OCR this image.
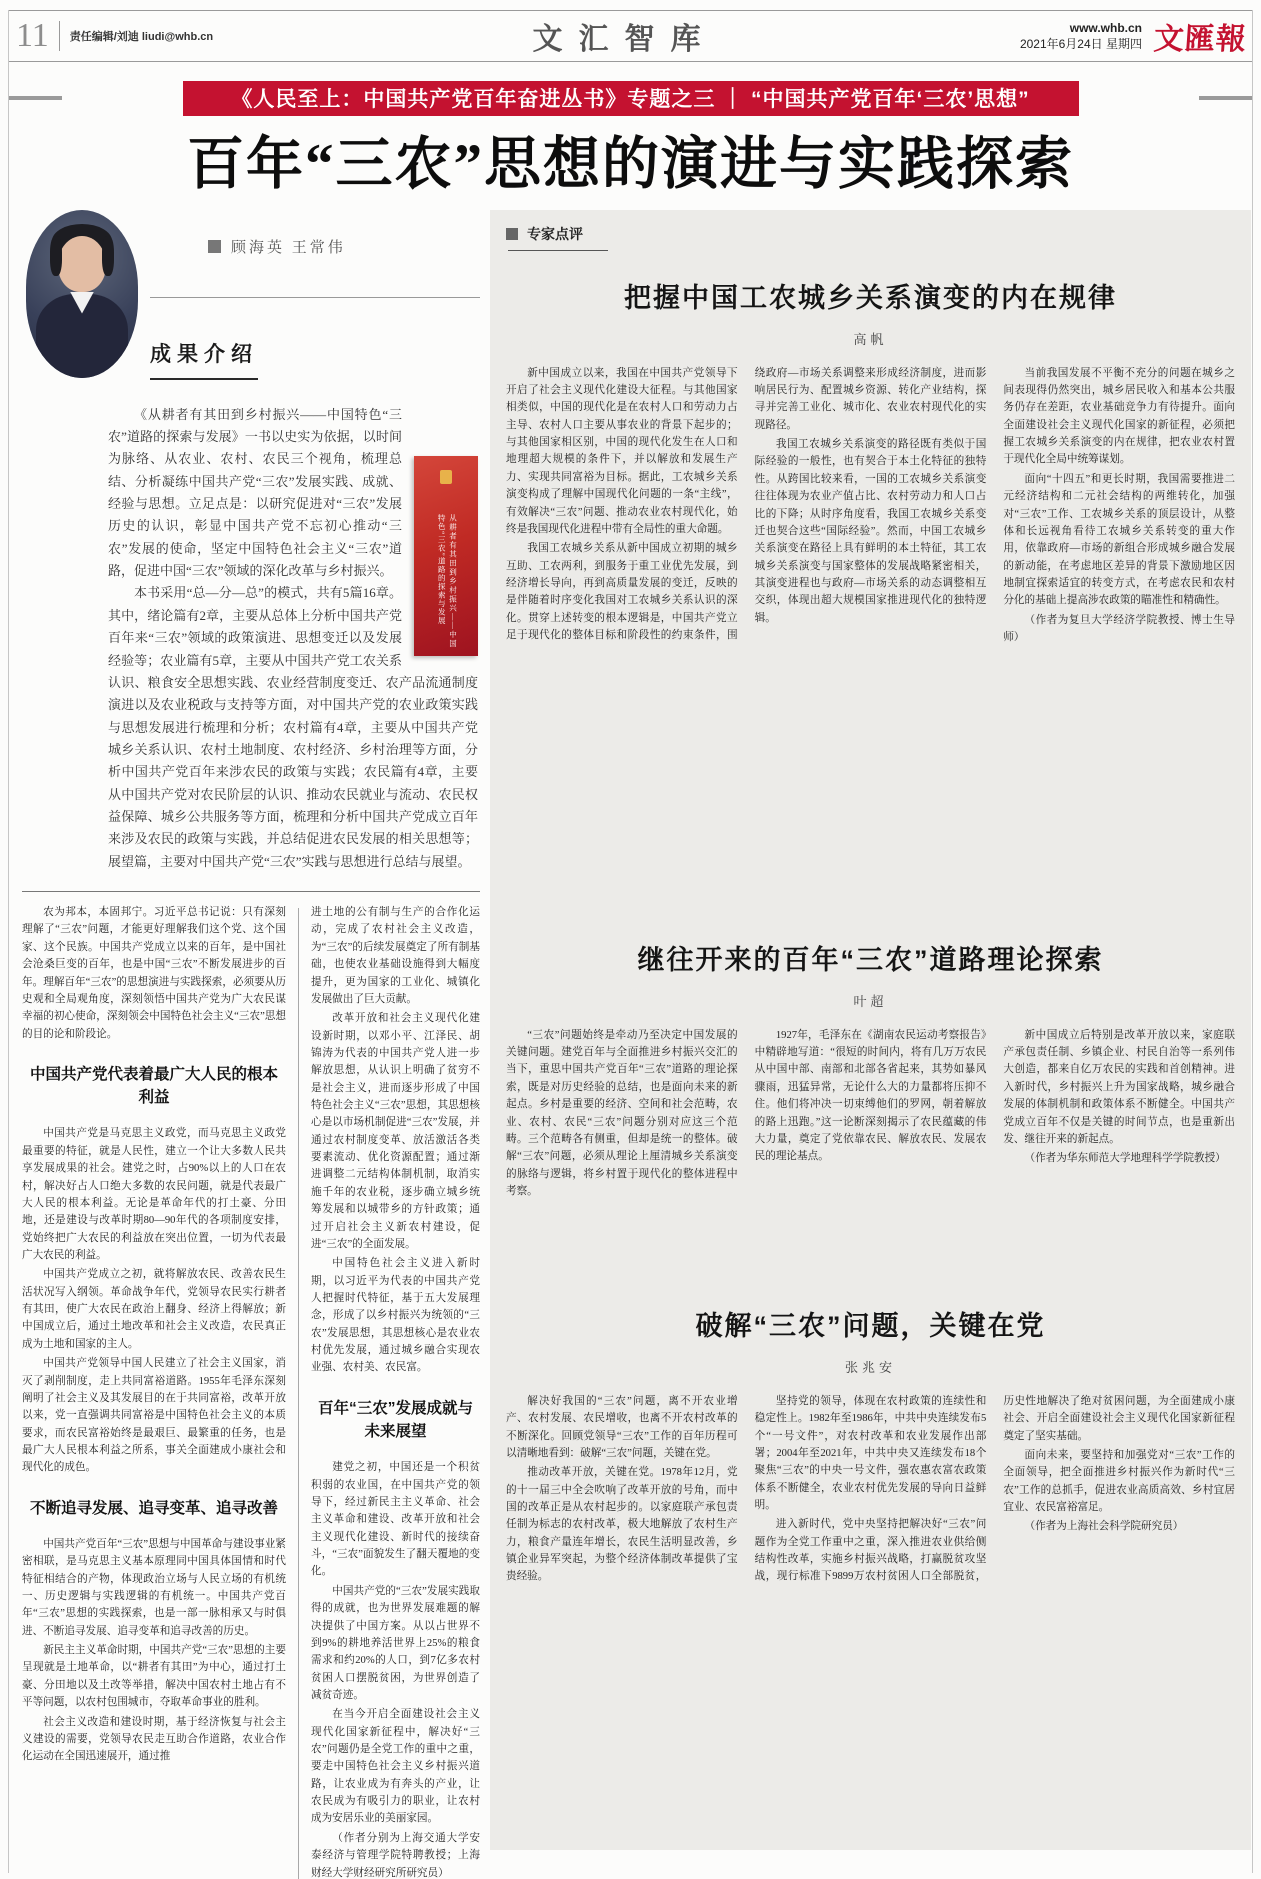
11	责任编辑/刘迪 liudi@whb.cn	文汇智库	www.whb.cn
2021年6月24日 星期四 文匯報
《人民至上：中国共产党百年奋进丛书》专题之三 ｜ “中国共产党百年‘三农’思想”
百年“三农”思想的演进与实践探索
顾海英 王常伟
成果介绍
从耕者有其田到乡村振兴——中国特色“三农”道路的探索与发展

《从耕者有其田到乡村振兴——中国特色“三农”道路的探索与发展》一书以史实为依据，以时间为脉络、从农业、农村、农民三个视角，梳理总结、分析凝练中国共产党“三农”发展实践、成就、经验与思想。立足点是：以研究促进对“三农”发展历史的认识，彰显中国共产党不忘初心推动“三农”发展的使命，坚定中国特色社会主义“三农”道路，促进中国“三农”领域的深化改革与乡村振兴。

本书采用“总—分—总”的模式，共有5篇16章。其中，绪论篇有2章，主要从总体上分析中国共产党百年来“三农”领域的政策演进、思想变迁以及发展经验等；农业篇有5章，主要从中国共产党工农关系认识、粮食安全思想实践、农业经营制度变迁、农产品流通制度演进以及农业税政与支持等方面，对中国共产党的农业政策实践与思想发展进行梳理和分析；农村篇有4章，主要从中国共产党城乡关系认识、农村土地制度、农村经济、乡村治理等方面，分析中国共产党百年来涉农民的政策与实践；农民篇有4章，主要从中国共产党对农民阶层的认识、推动农民就业与流动、农民权益保障、城乡公共服务等方面，梳理和分析中国共产党成立百年来涉及农民的政策与实践，并总结促进农民发展的相关思想等；展望篇，主要对中国共产党“三农”实践与思想进行总结与展望。

农为邦本，本固邦宁。习近平总书记说：只有深刻理解了“三农”问题，才能更好理解我们这个党、这个国家、这个民族。中国共产党成立以来的百年，是中国社会沧桑巨变的百年，也是中国“三农”不断发展进步的百年。理解百年“三农”的思想演进与实践探索，必须要从历史观和全局观角度，深刻领悟中国共产党为广大农民谋幸福的初心使命，深刻领会中国特色社会主义“三农”思想的目的论和阶段论。

中国共产党代表着最广大人民的根本利益

中国共产党是马克思主义政党，而马克思主义政党最重要的特征，就是人民性，建立一个让大多数人民共享发展成果的社会。建党之时，占90%以上的人口在农村，解决好占人口绝大多数的农民问题，就是代表最广大人民的根本利益。无论是革命年代的打土豪、分田地，还是建设与改革时期80—90年代的各项制度安排，党始终把广大农民的利益放在突出位置，一切为代表最广大农民的利益。

中国共产党成立之初，就将解放农民、改善农民生活状况写入纲领。革命战争年代，党领导农民实行耕者有其田，使广大农民在政治上翻身、经济上得解放；新中国成立后，通过土地改革和社会主义改造，农民真正成为土地和国家的主人。

中国共产党领导中国人民建立了社会主义国家，消灭了剥削制度，走上共同富裕道路。1955年毛泽东深刻阐明了社会主义及其发展目的在于共同富裕，改革开放以来，党一直强调共同富裕是中国特色社会主义的本质要求，而农民富裕始终是最艰巨、最繁重的任务，也是最广大人民根本利益之所系，事关全面建成小康社会和现代化的成色。

不断追寻发展、追寻变革、追寻改善

中国共产党百年“三农”思想与中国革命与建设事业紧密相联，是马克思主义基本原理同中国具体国情和时代特征相结合的产物，体现政治立场与人民立场的有机统一、历史逻辑与实践逻辑的有机统一。中国共产党百年“三农”思想的实践探索，也是一部一脉相承又与时俱进、不断追寻发展、追寻变革和追寻改善的历史。

新民主主义革命时期，中国共产党“三农”思想的主要呈现就是土地革命，以“耕者有其田”为中心，通过打土豪、分田地以及土改等举措，解决中国农村土地占有不平等问题，以农村包围城市，夺取革命事业的胜利。

社会主义改造和建设时期，基于经济恢复与社会主义建设的需要，党领导农民走互助合作道路，农业合作化运动在全国迅速展开，通过推

进土地的公有制与生产的合作化运动，完成了农村社会主义改造，为“三农”的后续发展奠定了所有制基础，也使农业基础设施得到大幅度提升，更为国家的工业化、城镇化发展做出了巨大贡献。

改革开放和社会主义现代化建设新时期，以邓小平、江泽民、胡锦涛为代表的中国共产党人进一步解放思想，从认识上明确了贫穷不是社会主义，进而逐步形成了中国特色社会主义“三农”思想，其思想核心是以市场机制促进“三农”发展，并通过农村制度变革、放活激活各类要素流动、优化资源配置；通过渐进调整二元结构体制机制，取消实施千年的农业税，逐步确立城乡统筹发展和以城带乡的方针政策；通过开启社会主义新农村建设，促进“三农”的全面发展。

中国特色社会主义进入新时期，以习近平为代表的中国共产党人把握时代特征，基于五大发展理念，形成了以乡村振兴为统领的“三农”发展思想，其思想核心是农业农村优先发展，通过城乡融合实现农业强、农村美、农民富。

百年“三农”发展成就与未来展望

建党之初，中国还是一个积贫积弱的农业国，在中国共产党的领导下，经过新民主主义革命、社会主义革命和建设、改革开放和社会主义现代化建设、新时代的接续奋斗，“三农”面貌发生了翻天覆地的变化。

中国共产党的“三农”发展实践取得的成就，也为世界发展难题的解决提供了中国方案。从以占世界不到9%的耕地养活世界上25%的粮食需求和约20%的人口，到7亿多农村贫困人口摆脱贫困，为世界创造了减贫奇迹。

在当今开启全面建设社会主义现代化国家新征程中，解决好“三农”问题仍是全党工作的重中之重，要走中国特色社会主义乡村振兴道路，让农业成为有奔头的产业，让农民成为有吸引力的职业，让农村成为安居乐业的美丽家园。

（作者分别为上海交通大学安泰经济与管理学院特聘教授；上海财经大学财经研究所研究员）

专家点评
把握中国工农城乡关系演变的内在规律
高帆

新中国成立以来，我国在中国共产党领导下开启了社会主义现代化建设大征程。与其他国家相类似，中国的现代化是在农村人口和劳动力占主导、农村人口主要从事农业的背景下起步的；与其他国家相区别，中国的现代化发生在人口和地理超大规模的条件下，并以解放和发展生产力、实现共同富裕为目标。据此，工农城乡关系演变构成了理解中国现代化问题的一条“主线”，有效解决“三农”问题、推动农业农村现代化，始终是我国现代化进程中带有全局性的重大命题。

我国工农城乡关系从新中国成立初期的城乡互助、工农两利，到服务于重工业优先发展，到经济增长导向，再到高质量发展的变迁，反映的是伴随着时序变化我国对工农城乡关系认识的深化。贯穿上述转变的根本逻辑是，中国共产党立足于现代化的整体目标和阶段性的约束条件，围绕政府—市场关系调整来形成经济制度，进而影响居民行为、配置城乡资源、转化产业结构，探寻并完善工业化、城市化、农业农村现代化的实现路径。

我国工农城乡关系演变的路径既有类似于国际经验的一般性，也有契合于本土化特征的独特性。从跨国比较来看，一国的工农城乡关系演变往往体现为农业产值占比、农村劳动力和人口占比的下降；从时序角度看，我国工农城乡关系变迁也契合这些“国际经验”。然而，中国工农城乡关系演变在路径上具有鲜明的本土特征，其工农城乡关系演变与国家整体的发展战略紧密相关，其演变进程也与政府—市场关系的动态调整相互交织，体现出超大规模国家推进现代化的独特逻辑。

当前我国发展不平衡不充分的问题在城乡之间表现得仍然突出，城乡居民收入和基本公共服务仍存在差距，农业基础竞争力有待提升。面向全面建设社会主义现代化国家的新征程，必须把握工农城乡关系演变的内在规律，把农业农村置于现代化全局中统筹谋划。

面向“十四五”和更长时期，我国需要推进二元经济结构和二元社会结构的两维转化，加强对“三农”工作、工农城乡关系的顶层设计，从整体和长远视角看待工农城乡关系转变的重大作用，依靠政府—市场的新组合形成城乡融合发展的新动能，在考虑地区差异的背景下激励地区因地制宜探索适宜的转变方式，在考虑农民和农村分化的基础上提高涉农政策的瞄准性和精确性。

（作者为复旦大学经济学院教授、博士生导师）

继往开来的百年“三农”道路理论探索
叶超

“三农”问题始终是牵动乃至决定中国发展的关键问题。建党百年与全面推进乡村振兴交汇的当下，重思中国共产党百年“三农”道路的理论探索，既是对历史经验的总结，也是面向未来的新起点。乡村是重要的经济、空间和社会范畴，农业、农村、农民“三农”问题分别对应这三个范畴。三个范畴各有侧重，但却是统一的整体。破解“三农”问题，必须从理论上厘清城乡关系演变的脉络与逻辑，将乡村置于现代化的整体进程中考察。

1927年，毛泽东在《湖南农民运动考察报告》中精辟地写道：“很短的时间内，将有几万万农民从中国中部、南部和北部各省起来，其势如暴风骤雨，迅猛异常，无论什么大的力量都将压抑不住。他们将冲决一切束缚他们的罗网，朝着解放的路上迅跑。”这一论断深刻揭示了农民蕴藏的伟大力量，奠定了党依靠农民、解放农民、发展农民的理论基点。

新中国成立后特别是改革开放以来，家庭联产承包责任制、乡镇企业、村民自治等一系列伟大创造，都来自亿万农民的实践和首创精神。进入新时代，乡村振兴上升为国家战略，城乡融合发展的体制机制和政策体系不断健全。中国共产党成立百年不仅是关键的时间节点，也是重新出发、继往开来的新起点。

（作者为华东师范大学地理科学学院教授）

破解“三农”问题，关键在党
张兆安

解决好我国的“三农”问题，离不开农业增产、农村发展、农民增收，也离不开农村改革的不断深化。回顾党领导“三农”工作的百年历程可以清晰地看到：破解“三农”问题，关键在党。

推动改革开放，关键在党。1978年12月，党的十一届三中全会吹响了改革开放的号角，而中国的改革正是从农村起步的。以家庭联产承包责任制为标志的农村改革，极大地解放了农村生产力，粮食产量连年增长，农民生活明显改善，乡镇企业异军突起，为整个经济体制改革提供了宝贵经验。

坚持党的领导，体现在农村政策的连续性和稳定性上。1982年至1986年，中共中央连续发布5个“一号文件”，对农村改革和农业发展作出部署；2004年至2021年，中共中央又连续发布18个聚焦“三农”的中央一号文件，强农惠农富农政策体系不断健全，农业农村优先发展的导向日益鲜明。

进入新时代，党中央坚持把解决好“三农”问题作为全党工作重中之重，深入推进农业供给侧结构性改革，实施乡村振兴战略，打赢脱贫攻坚战，现行标准下9899万农村贫困人口全部脱贫，历史性地解决了绝对贫困问题，为全面建成小康社会、开启全面建设社会主义现代化国家新征程奠定了坚实基础。

面向未来，要坚持和加强党对“三农”工作的全面领导，把全面推进乡村振兴作为新时代“三农”工作的总抓手，促进农业高质高效、乡村宜居宜业、农民富裕富足。

（作者为上海社会科学院研究员）
